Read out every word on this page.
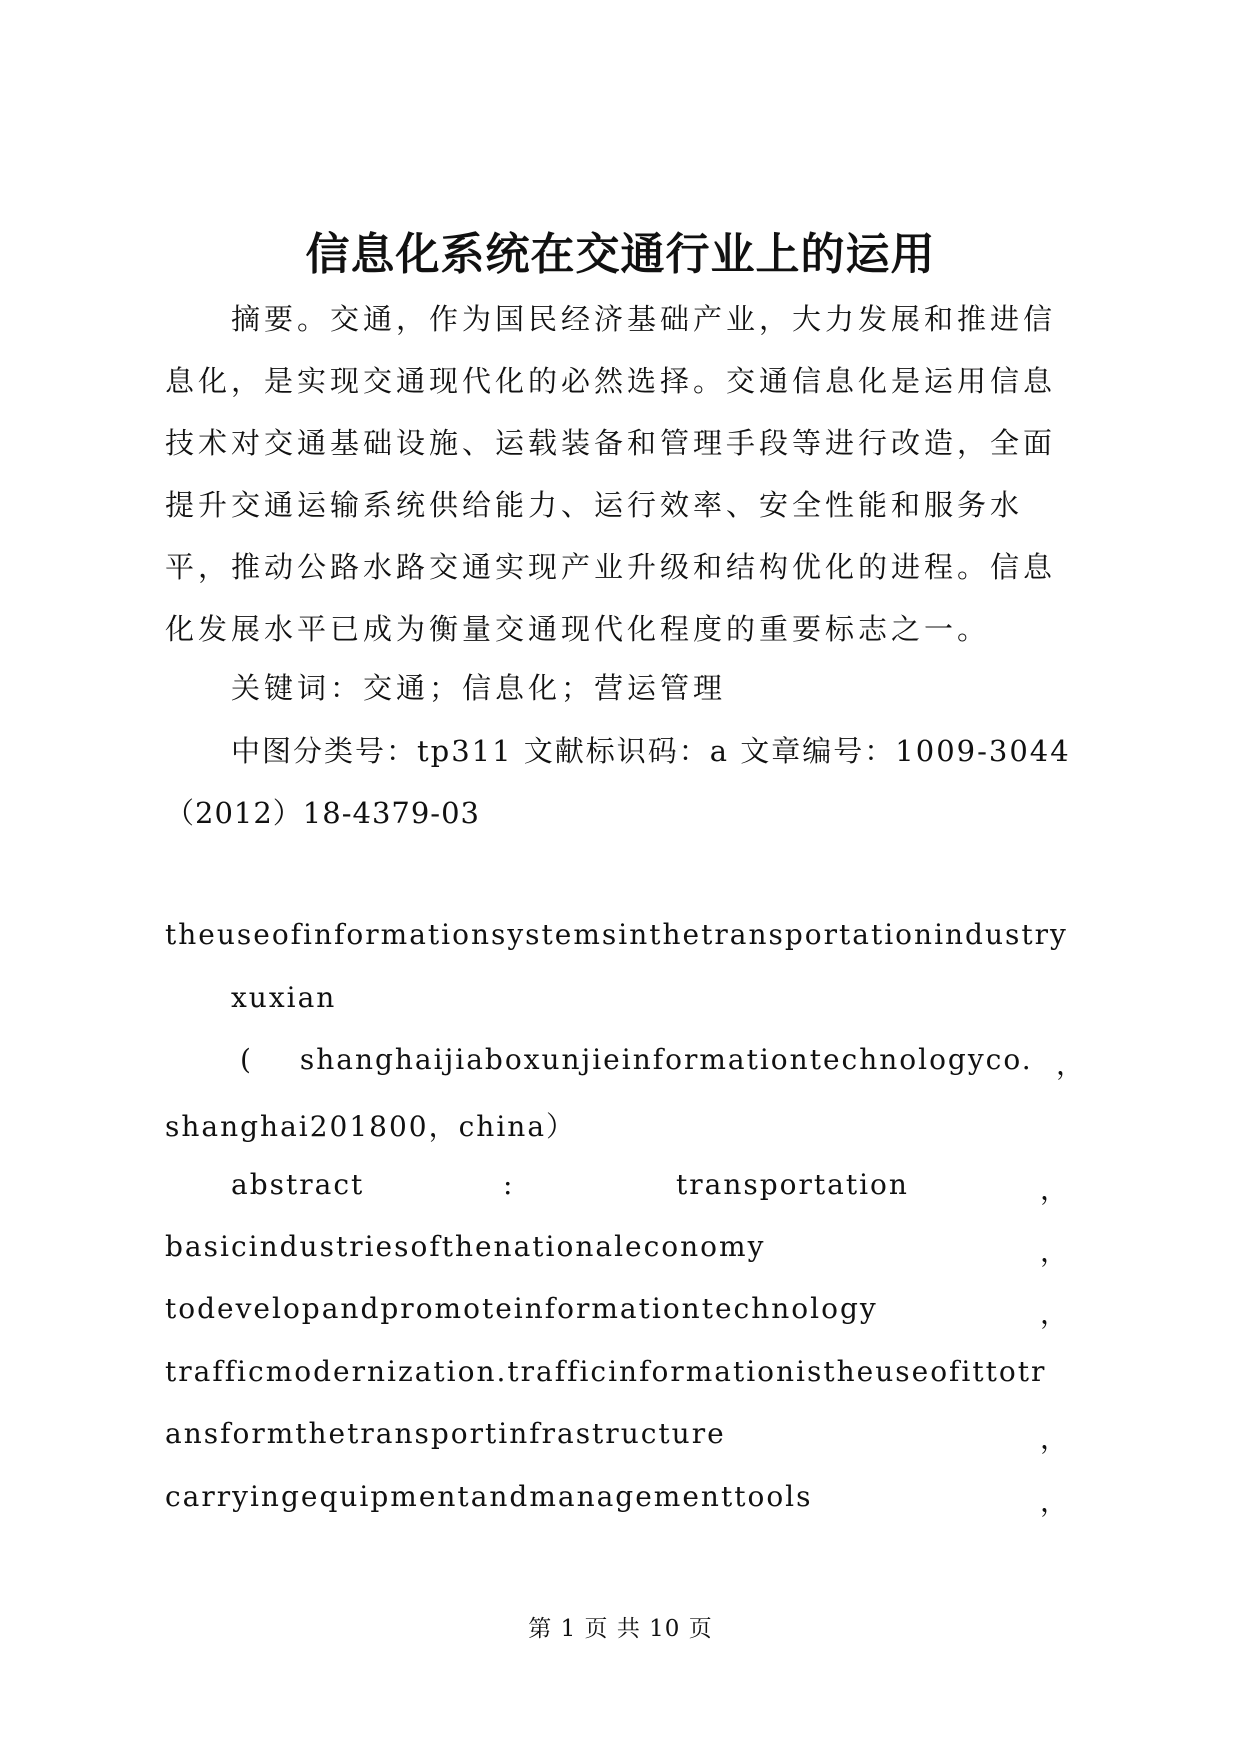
信息化系统在交通行业上的运用

摘要。交通，作为国民经济基础产业，大力发展和推进信息化，是实现交通现代化的必然选择。交通信息化是运用信息技术对交通基础设施、运载装备和管理手段等进行改造，全面提升交通运输系统供给能力、运行效率、安全性能和服务水平，推动公路水路交通实现产业升级和结构优化的进程。信息化发展水平已成为衡量交通现代化程度的重要标志之一。

关键词：交通；信息化；营运管理
中图分类号：tp311 文献标识码：a 文章编号：1009-3044
（2012）18-4379-03
theuseofinformationsystemsinthetransportationindustry
xuxian
( shanghaijiaboxunjieinformationtechnologyco. ，
shanghai201800，china）
abstract	:	transportation	，
basicindustriesofthenationaleconomy	，
todevelopandpromoteinformationtechnology	，
trafficmodernization.trafficinformationistheuseofittotr
ansformthetransportinfrastructure	，
carryingequipmentandmanagementtools	，
第 1 页 共 10 页
